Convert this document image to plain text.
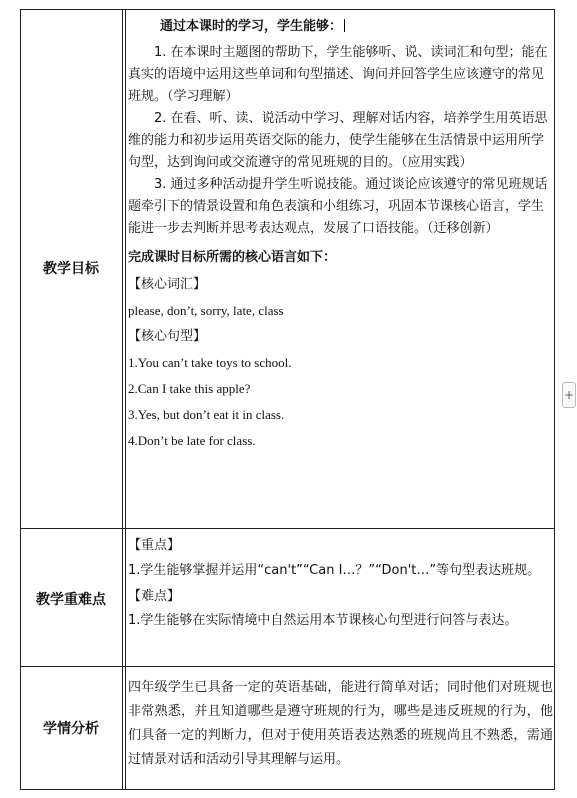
教学目标

通过本课时的学习，学生能够：

1. 在本课时主题图的帮助下，学生能够听、说、读词汇和句型；能在真实的语境中运用这些单词和句型描述、询问并回答学生应该遵守的常见班规。（学习理解）

2. 在看、听、读、说活动中学习、理解对话内容，培养学生用英语思维的能力和初步运用英语交际的能力，使学生能够在生活情景中运用所学句型，达到询问或交流遵守的常见班规的目的。（应用实践）

3. 通过多种活动提升学生听说技能。通过谈论应该遵守的常见班规话题牵引下的情景设置和角色表演和小组练习，巩固本节课核心语言，学生能进一步去判断并思考表达观点，发展了口语技能。（迁移创新）

完成课时目标所需的核心语言如下：

【核心词汇】

please, don’t, sorry, late, class

【核心句型】

1.You can’t take toys to school.

2.Can I take this apple?

3.Yes, but don’t eat it in class.

4.Don’t be late for class.

教学重难点

【重点】

1.学生能够掌握并运用“can't”“Can I…？”“Don't…”等句型表达班规。

【难点】

1.学生能够在实际情境中自然运用本节课核心句型进行问答与表达。

学情分析

四年级学生已具备一定的英语基础，能进行简单对话；同时他们对班规也非常熟悉，并且知道哪些是遵守班规的行为，哪些是违反班规的行为，他们具备一定的判断力，但对于使用英语表达熟悉的班规尚且不熟悉，需通过情景对话和活动引导其理解与运用。

+
